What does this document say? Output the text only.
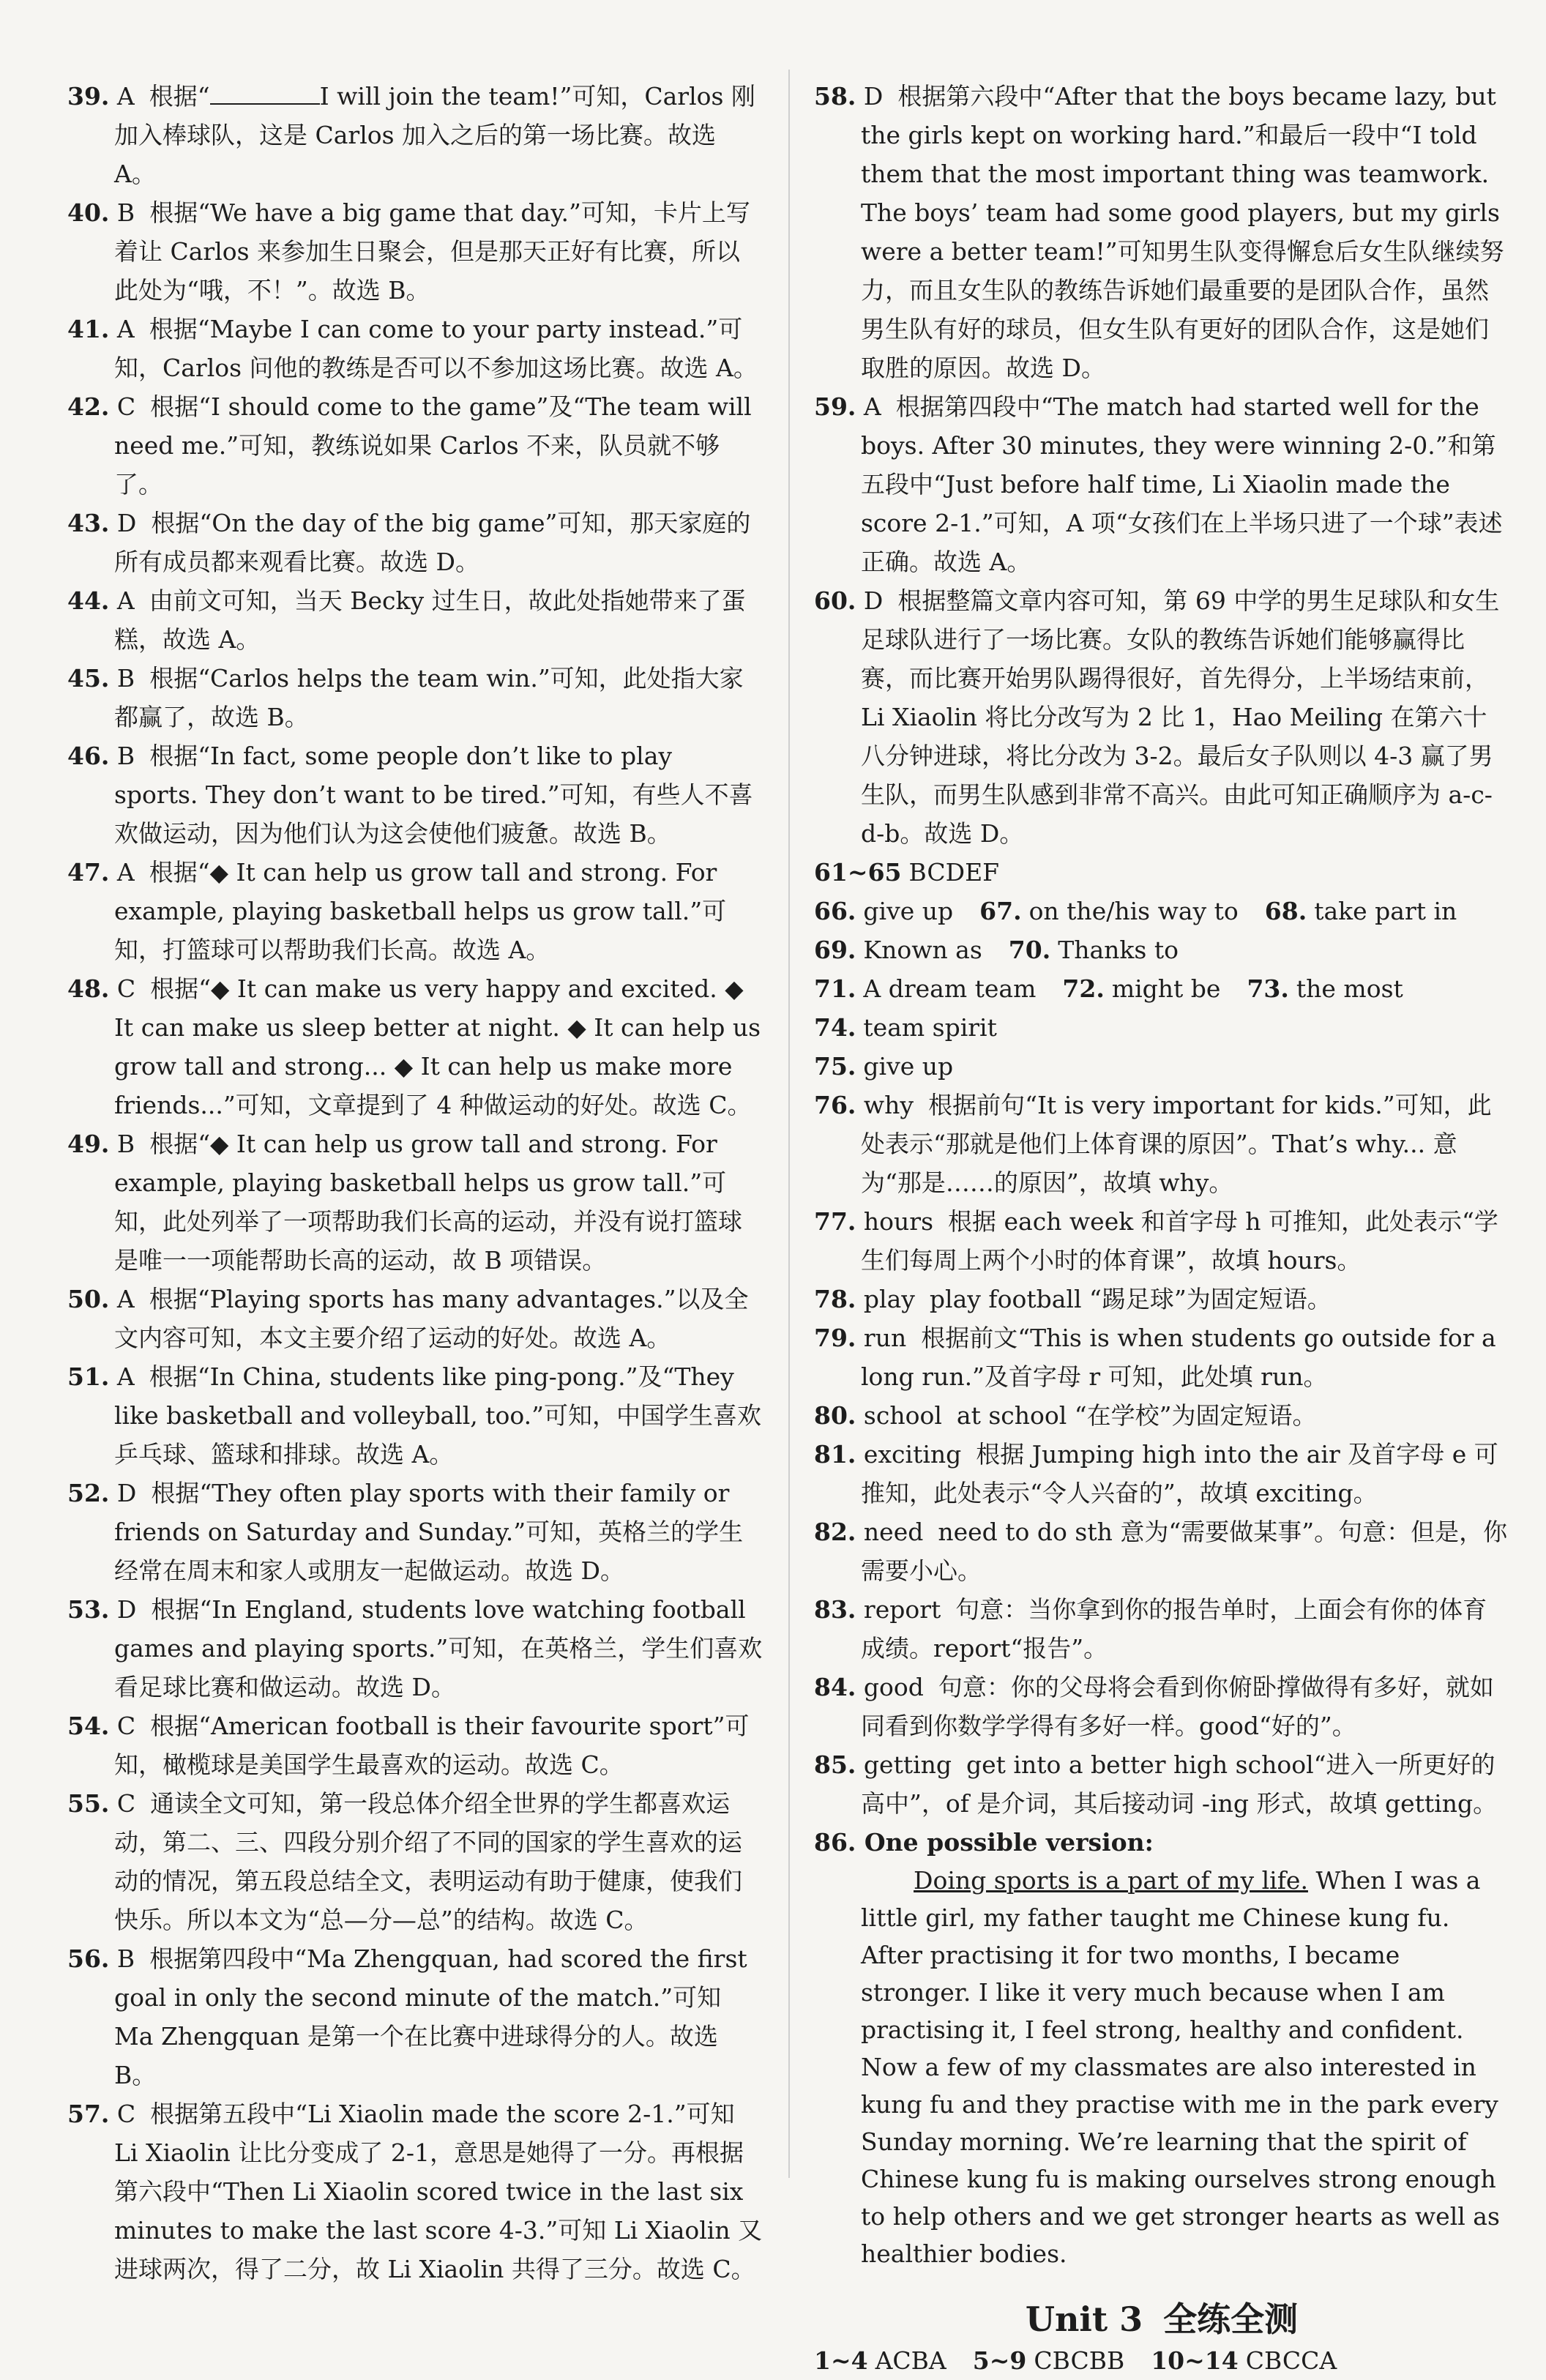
39. A 根据“	I will join the team!”可知，Carlos 刚加入棒球队，这是 Carlos 加入之后的第一场比赛。故选 A。
40. B 根据“We have a big game that day.”可知，卡片上写着让 Carlos 来参加生日聚会，但是那天正好有比赛，所以此处为“哦，不！”。故选 B。
41. A 根据“Maybe I can come to your party instead.”可知，Carlos 问他的教练是否可以不参加这场比赛。故选 A。
42. C 根据“I should come to the game”及“The team will need me.”可知，教练说如果 Carlos 不来，队员就不够了。
43. D 根据“On the day of the big game”可知，那天家庭的所有成员都来观看比赛。故选 D。
44. A 由前文可知，当天 Becky 过生日，故此处指她带来了蛋糕，故选 A。
45. B 根据“Carlos helps the team win.”可知，此处指大家都赢了，故选 B。
46. B 根据“In fact, some people don’t like to play sports. They don’t want to be tired.”可知，有些人不喜欢做运动，因为他们认为这会使他们疲惫。故选 B。
47. A 根据“◆ It can help us grow tall and strong. For example, playing basketball helps us grow tall.”可知，打篮球可以帮助我们长高。故选 A。
48. C 根据“◆ It can make us very happy and excited. ◆ It can make us sleep better at night. ◆ It can help us grow tall and strong... ◆ It can help us make more friends...”可知，文章提到了 4 种做运动的好处。故选 C。
49. B 根据“◆ It can help us grow tall and strong. For example, playing basketball helps us grow tall.”可知，此处列举了一项帮助我们长高的运动，并没有说打篮球是唯一一项能帮助长高的运动，故 B 项错误。
50. A 根据“Playing sports has many advantages.”以及全文内容可知，本文主要介绍了运动的好处。故选 A。
51. A 根据“In China, students like ping-pong.”及“They like basketball and volleyball, too.”可知，中国学生喜欢乒乓球、篮球和排球。故选 A。
52. D 根据“They often play sports with their family or friends on Saturday and Sunday.”可知，英格兰的学生经常在周末和家人或朋友一起做运动。故选 D。
53. D 根据“In England, students love watching football games and playing sports.”可知，在英格兰，学生们喜欢看足球比赛和做运动。故选 D。
54. C 根据“American football is their favourite sport”可知，橄榄球是美国学生最喜欢的运动。故选 C。
55. C 通读全文可知，第一段总体介绍全世界的学生都喜欢运动，第二、三、四段分别介绍了不同的国家的学生喜欢的运动的情况，第五段总结全文，表明运动有助于健康，使我们快乐。所以本文为“总—分—总”的结构。故选 C。
56. B 根据第四段中“Ma Zhengquan, had scored the first goal in only the second minute of the match.”可知 Ma Zhengquan 是第一个在比赛中进球得分的人。故选 B。
57. C 根据第五段中“Li Xiaolin made the score 2-1.”可知 Li Xiaolin 让比分变成了 2-1，意思是她得了一分。再根据第六段中“Then Li Xiaolin scored twice in the last six minutes to make the last score 4-3.”可知 Li Xiaolin 又进球两次，得了二分，故 Li Xiaolin 共得了三分。故选 C。
58. D 根据第六段中“After that the boys became lazy, but the girls kept on working hard.”和最后一段中“I told them that the most important thing was teamwork. The boys’ team had some good players, but my girls were a better team!”可知男生队变得懈怠后女生队继续努力，而且女生队的教练告诉她们最重要的是团队合作，虽然男生队有好的球员，但女生队有更好的团队合作，这是她们取胜的原因。故选 D。
59. A 根据第四段中“The match had started well for the boys. After 30 minutes, they were winning 2-0.”和第五段中“Just before half time, Li Xiaolin made the score 2-1.”可知，A 项“女孩们在上半场只进了一个球”表述正确。故选 A。
60. D 根据整篇文章内容可知，第 69 中学的男生足球队和女生足球队进行了一场比赛。女队的教练告诉她们能够赢得比赛，而比赛开始男队踢得很好，首先得分，上半场结束前，Li Xiaolin 将比分改写为 2 比 1，Hao Meiling 在第六十八分钟进球，将比分改为 3-2。最后女子队则以 4-3 赢了男生队，而男生队感到非常不高兴。由此可知正确顺序为 a-c-d-b。故选 D。
61~65 BCDEF
66. give up 67. on the/his way to 68. take part in
69. Known as 70. Thanks to
71. A dream team 72. might be 73. the most74. team spirit
75. give up
76. why 根据前句“It is very important for kids.”可知，此处表示“那就是他们上体育课的原因”。That’s why... 意为“那是……的原因”，故填 why。
77. hours 根据 each week 和首字母 h 可推知，此处表示“学生们每周上两个小时的体育课”，故填 hours。
78. play play football “踢足球”为固定短语。
79. run 根据前文“This is when students go outside for a long run.”及首字母 r 可知，此处填 run。
80. school at school “在学校”为固定短语。
81. exciting 根据 Jumping high into the air 及首字母 e 可推知，此处表示“令人兴奋的”，故填 exciting。
82. need need to do sth 意为“需要做某事”。句意：但是，你需要小心。
83. report 句意：当你拿到你的报告单时，上面会有你的体育成绩。report“报告”。
84. good 句意：你的父母将会看到你俯卧撑做得有多好，就如同看到你数学学得有多好一样。good“好的”。
85. getting get into a better high school“进入一所更好的高中”，of 是介词，其后接动词 -ing 形式，故填 getting。
86. One possible version:

Doing sports is a part of my life. When I was a little girl, my father taught me Chinese kung fu. After practising it for two months, I became stronger. I like it very much because when I am practising it, I feel strong, healthy and confident. Now a few of my classmates are also interested in kung fu and they practise with me in the park every Sunday morning. We’re learning that the spirit of Chinese kung fu is making ourselves strong enough to help others and we get stronger hearts as well as healthier bodies.

Unit 3 全练全测
1~4 ACBA 5~9 CBCBB 10~14 CBCCA
